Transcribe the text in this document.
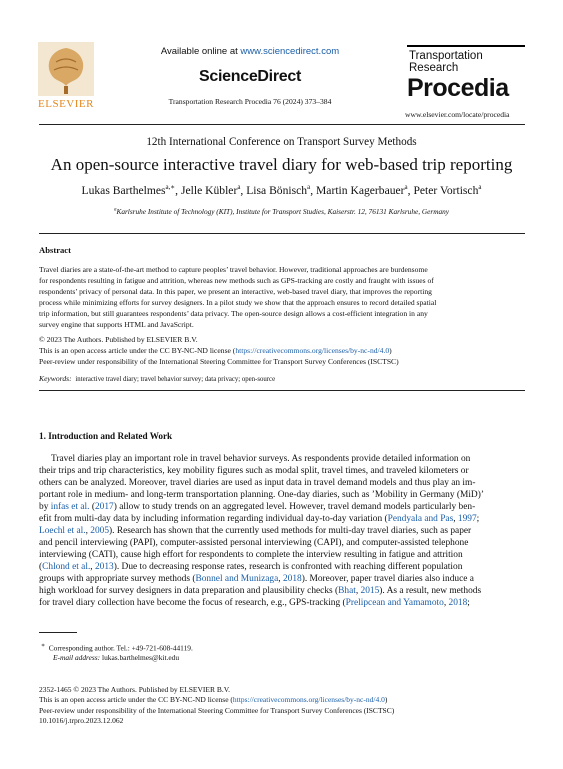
ELSEVIER
Available online at www.sciencedirect.com
ScienceDirect
Transportation Research Procedia 76 (2024) 373–384
Transportation
Research
Procedia
www.elsevier.com/locate/procedia
12th International Conference on Transport Survey Methods
An open-source interactive travel diary for web-based trip reporting
Lukas Barthelmes$^{a,∗}$, Jelle Kübler$^a$, Lisa Bönisch$^a$, Martin Kagerbauer$^a$, Peter Vortisch$^a$
$^a$Karlsruhe Institute of Technology (KIT), Institute for Transport Studies, Kaiserstr. 12, 76131 Karlsruhe, Germany
Abstract
Travel diaries are a state-of-the-art method to capture peoples’ travel behavior. However, traditional approaches are burdensome
for respondents resulting in fatigue and attrition, whereas new methods such as GPS-tracking are costly and fraught with issues of
respondents’ privacy of personal data. In this paper, we present an interactive, web-based travel diary, that improves the reporting
process while minimizing efforts for survey designers. In a pilot study we show that the approach ensures to record detailed spatial
trip information, but still guarantees respondents’ data privacy. The open-source design allows a cost-efficient integration in any
survey engine that supports HTML and JavaScript.
© 2023 The Authors. Published by ELSEVIER B.V.
This is an open access article under the CC BY-NC-ND license (https://creativecommons.org/licenses/by-nc-nd/4.0)
Peer-review under responsibility of the International Steering Committee for Transport Survey Conferences (ISCTSC)
Keywords: interactive travel diary; travel behavior survey; data privacy; open-source
1. Introduction and Related Work
Travel diaries play an important role in travel behavior surveys. As respondents provide detailed information on
their trips and trip characteristics, key mobility figures such as modal split, travel times, and traveled kilometers or
others can be analyzed. Moreover, travel diaries are used as input data in travel demand models and thus play an im-
portant role in medium- and long-term transportation planning. One-day diaries, such as ’Mobility in Germany (MiD)’
by infas et al. (2017) allow to study trends on an aggregated level. However, travel demand models particularly ben-
efit from multi-day data by including information regarding individual day-to-day variation (Pendyala and Pas, 1997;
Loechl et al., 2005). Research has shown that the currently used methods for multi-day travel diaries, such as paper
and pencil interviewing (PAPI), computer-assisted personal interviewing (CAPI), and computer-assisted telephone
interviewing (CATI), cause high effort for respondents to complete the interview resulting in fatigue and attrition
(Chlond et al., 2013). Due to decreasing response rates, research is confronted with reaching different population
groups with appropriate survey methods (Bonnel and Munizaga, 2018). Moreover, paper travel diaries also induce a
high workload for survey designers in data preparation and plausibility checks (Bhat, 2015). As a result, new methods
for travel diary collection have become the focus of research, e.g., GPS-tracking (Prelipcean and Yamamoto, 2018;
∗ Corresponding author. Tel.: +49-721-608-44119.
E-mail address: lukas.barthelmes@kit.edu
2352-1465 © 2023 The Authors. Published by ELSEVIER B.V.
This is an open access article under the CC BY-NC-ND license (https://creativecommons.org/licenses/by-nc-nd/4.0)
Peer-review under responsibility of the International Steering Committee for Transport Survey Conferences (ISCTSC)
10.1016/j.trpro.2023.12.062
